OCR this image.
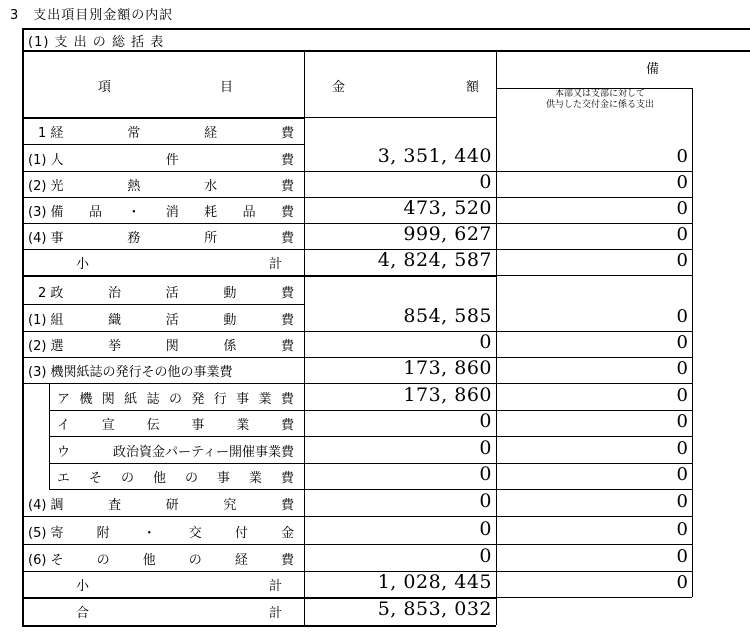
3　支出項目別金額の内訳
(1) 支 出 の 総 括 表
項	目	金	額
備
本部又は支部に対して
供与した交付金に係る支出
1 経	常	経	費
(1) 人	件	費	3, 351, 440	0
(2) 光	熱	水	費	0	0
(3) 備 品 ・ 消 耗 品 費	473, 520	0
(4) 事	務	所	費	999, 627	0
小	計	4, 824, 587	0
2 政	治	活	動	費
(1) 組	織	活	動	費	854, 585	0
(2) 選	挙	関	係	費	0	0
(3) 機関紙誌の発行その他の事業費	173, 860	0
ア 機 関 紙 誌 の 発 行 事 業 費	173, 860	0
イ 宣 伝 事 業 費	0	0
ウ	政治資金パーティー開催事業費	0	0
エ そ の 他 の 事 業 費	0	0
(4) 調	査	研	究	費	0	0
(5) 寄	附	・	交	付	金	0	0
(6) そ	の	他	の	経	費	0	0
小	計	1, 028, 445	0
合	計	5, 853, 032
